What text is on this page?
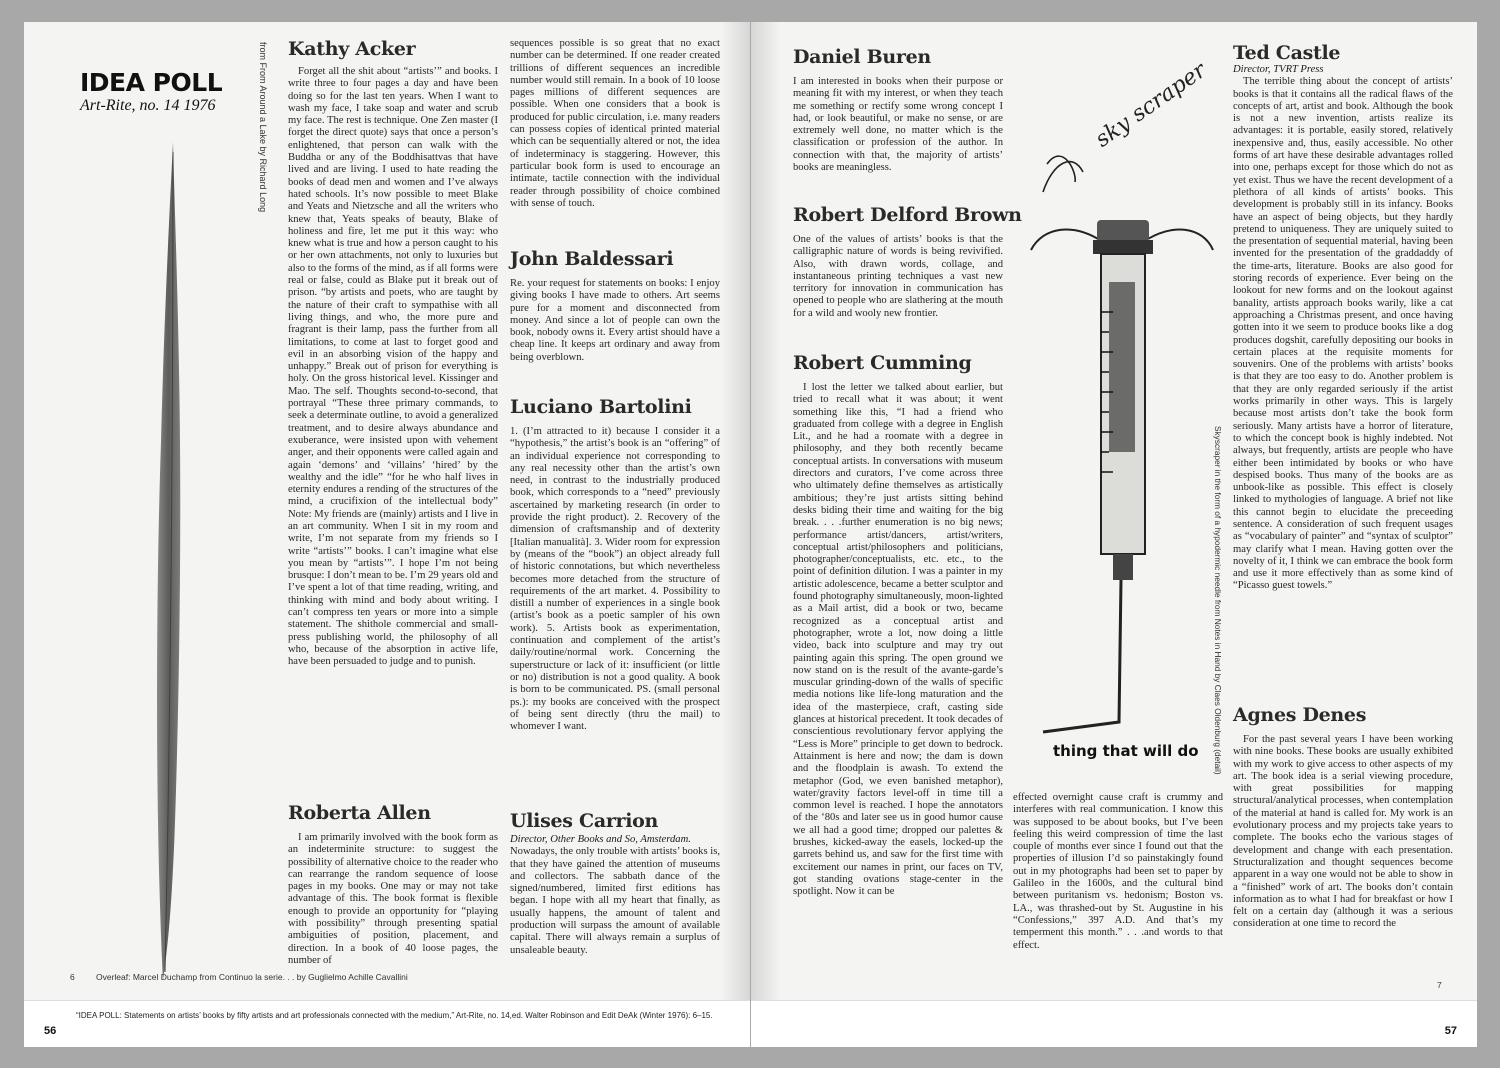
IDEA POLL
Art-Rite, no. 14 1976	from From Around a Lake by Richard Long Kathy Acker

Forget all the shit about “artists’” and books. I write three to four pages a day and have been doing so for the last ten years. When I want to wash my face, I take soap and water and scrub my face. The rest is technique. One Zen master (I forget the direct quote) says that once a person’s enlightened, that person can walk with the Buddha or any of the Boddhisattvas that have lived and are living. I used to hate reading the books of dead men and women and I’ve always hated schools. It’s now possible to meet Blake and Yeats and Nietzsche and all the writers who knew that, Yeats speaks of beauty, Blake of holiness and fire, let me put it this way: who knew what is true and how a person caught to his or her own attachments, not only to luxuries but also to the forms of the mind, as if all forms were real or false, could as Blake put it break out of prison. “by artists and poets, who are taught by the nature of their craft to sympathise with all living things, and who, the more pure and fragrant is their lamp, pass the further from all limitations, to come at last to forget good and evil in an absorbing vision of the happy and unhappy.” Break out of prison for everything is holy. On the gross historical level. Kissinger and Mao. The self. Thoughts second-to-second, that portrayal “These three primary commands, to seek a determinate outline, to avoid a generalized treatment, and to desire always abundance and exuberance, were insisted upon with vehement anger, and their opponents were called again and again ‘demons’ and ‘villains’ ‘hired’ by the wealthy and the idle” “for he who half lives in eternity endures a rending of the structures of the mind, a crucifixion of the intellectual body” Note: My friends are (mainly) artists and I live in an art community. When I sit in my room and write, I’m not separate from my friends so I write “artists’” books. I can’t imagine what else you mean by “artists’”. I hope I’m not being brusque: I don’t mean to be. I’m 29 years old and I’ve spent a lot of that time reading, writing, and thinking with mind and body about writing. I can’t compress ten years or more into a simple statement. The shithole commercial and small-press publishing world, the philosophy of all who, because of the absorption in active life, have been persuaded to judge and to punish.

Roberta Allen

I am primarily involved with the book form as an indeterminite structure: to suggest the possibility of alternative choice to the reader who can rearrange the random sequence of loose pages in my books. One may or may not take advantage of this. The book format is flexible enough to provide an opportunity for “playing with possibility” through presenting spatial ambiguities of position, placement, and direction. In a book of 40 loose pages, the number of

sequences possible is so great that no exact number can be determined. If one reader created trillions of different sequences an incredible number would still remain. In a book of 10 loose pages millions of different sequences are possible. When one considers that a book is produced for public circulation, i.e. many readers can possess copies of identical printed material which can be sequentially altered or not, the idea of indeterminacy is staggering. However, this particular book form is used to encourage an intimate, tactile connection with the individual reader through possibility of choice combined with sense of touch.

John Baldessari

Re. your request for statements on books: I enjoy giving books I have made to others. Art seems pure for a moment and disconnected from money. And since a lot of people can own the book, nobody owns it. Every artist should have a cheap line. It keeps art ordinary and away from being overblown.

Luciano Bartolini

1. (I’m attracted to it) because I consider it a “hypothesis,” the artist’s book is an “offering” of an individual experience not corresponding to any real necessity other than the artist’s own need, in contrast to the industrially produced book, which corresponds to a “need” previously ascertained by marketing research (in order to provide the right product). 2. Recovery of the dimension of craftsmanship and of dexterity [Italian manualità]. 3. Wider room for expression by (means of the “book”) an object already full of historic connotations, but which nevertheless becomes more detached from the structure of requirements of the art market. 4. Possibility to distill a number of experiences in a single book (artist’s book as a poetic sampler of his own work). 5. Artists book as experimentation, continuation and complement of the artist’s daily/routine/normal work. Concerning the superstructure or lack of it: insufficient (or little or no) distribution is not a good quality. A book is born to be communicated. PS. (small personal ps.): my books are conceived with the prospect of being sent directly (thru the mail) to whomever I want.

Ulises Carrion
Director, Other Books and So, Amsterdam.

Nowadays, the only trouble with artists’ books is, that they have gained the attention of museums and collectors. The sabbath dance of the signed/numbered, limited first editions has began. I hope with all my heart that finally, as usually happens, the amount of talent and production will surpass the amount of available capital. There will always remain a surplus of unsaleable beauty.

6	Overleaf: Marcel Duchamp from Continuo la serie. . . by Guglielmo Achille Cavallini
“IDEA POLL: Statements on artists’ books by fifty artists and art professionals connected with the medium,” Art-Rite, no. 14,ed. Walter Robinson and Edit DeAk (Winter 1976): 6–15.
56
Daniel Buren

I am interested in books when their purpose or meaning fit with my interest, or when they teach me something or rectify some wrong concept I had, or look beautiful, or make no sense, or are extremely well done, no matter which is the classification or profession of the author. In connection with that, the majority of artists’ books are meaningless.

Robert Delford Brown

One of the values of artists’ books is that the calligraphic nature of words is being revivified. Also, with drawn words, collage, and instantaneous printing techniques a vast new territory for innovation in communication has opened to people who are slathering at the mouth for a wild and wooly new frontier.

Robert Cumming

I lost the letter we talked about earlier, but tried to recall what it was about; it went something like this, “I had a friend who graduated from college with a degree in English Lit., and he had a roomate with a degree in philosophy, and they both recently became conceptual artists. In conversations with museum directors and curators, I’ve come across three who ultimately define themselves as artistically ambitious; they’re just artists sitting behind desks biding their time and waiting for the big break. . . .further enumeration is no big news; performance artist/dancers, artist/writers, conceptual artist/philosophers and politicians, photographer/conceptualists, etc. etc., to the point of definition dilution. I was a painter in my artistic adolescence, became a better sculptor and found photography simultaneously, moon-lighted as a Mail artist, did a book or two, became recognized as a conceptual artist and photographer, wrote a lot, now doing a little video, back into sculpture and may try out painting again this spring. The open ground we now stand on is the result of the avante-garde’s muscular grinding-down of the walls of specific media notions like life-long maturation and the idea of the masterpiece, craft, casting side glances at historical precedent. It took decades of conscientious revolutionary fervor applying the “Less is More” principle to get down to bedrock. Attainment is here and now; the dam is down and the floodplain is awash. To extend the metaphor (God, we even banished metaphor), water/gravity factors level-off in time till a common level is reached. I hope the annotators of the ‘80s and later see us in good humor cause we all had a good time; dropped our palettes & brushes, kicked-away the easels, locked-up the garrets behind us, and saw for the first time with excitement our names in print, our faces on TV, got standing ovations stage-center in the spotlight. Now it can be

effected overnight cause craft is crummy and interferes with real communication. I know this was supposed to be about books, but I’ve been feeling this weird compression of time the last couple of months ever since I found out that the properties of illusion I’d so painstakingly found out in my photographs had been set to paper by Galileo in the 1600s, and the cultural bind between puritanism vs. hedonism; Boston vs. LA., was thrashed-out by St. Augustine in his “Confessions,” 397 A.D. And that’s my temperment this month.” . . .and words to that effect.

sky scraper
thing that will do Skyscraper in the form of a hypodermic needle from Notes in Hand by Claes Oldenburg (detail)
Ted Castle
Director, TVRT Press

The terrible thing about the concept of artists’ books is that it contains all the radical flaws of the concepts of art, artist and book. Although the book is not a new invention, artists realize its advantages: it is portable, easily stored, relatively inexpensive and, thus, easily accessible. No other forms of art have these desirable advantages rolled into one, perhaps except for those which do not as yet exist. Thus we have the recent development of a plethora of all kinds of artists’ books. This development is probably still in its infancy. Books have an aspect of being objects, but they hardly pretend to uniqueness. They are uniquely suited to the presentation of sequential material, having been invented for the presentation of the graddaddy of the time-arts, literature. Books are also good for storing records of experience. Ever being on the lookout for new forms and on the lookout against banality, artists approach books warily, like a cat approaching a Christmas present, and once having gotten into it we seem to produce books like a dog produces dogshit, carefully depositing our books in certain places at the requisite moments for souvenirs. One of the problems with artists’ books is that they are too easy to do. Another problem is that they are only regarded seriously if the artist works primarily in other ways. This is largely because most artists don’t take the book form seriously. Many artists have a horror of literature, to which the concept book is highly indebted. Not always, but frequently, artists are people who have either been intimidated by books or who have despised books. Thus many of the books are as unbook-like as possible. This effect is closely linked to mythologies of language. A brief not like this cannot begin to elucidate the preceeding sentence. A consideration of such frequent usages as “vocabulary of painter” and “syntax of sculptor” may clarify what I mean. Having gotten over the novelty of it, I think we can embrace the book form and use it more effectively than as some kind of “Picasso guest towels.”

Agnes Denes

For the past several years I have been working with nine books. These books are usually exhibited with my work to give access to other aspects of my art. The book idea is a serial viewing procedure, with great possibilities for mapping structural/analytical processes, when contemplation of the material at hand is called for. My work is an evolutionary process and my projects take years to complete. The books echo the various stages of development and change with each presentation. Structuralization and thought sequences become apparent in a way one would not be able to show in a “finished” work of art. The books don’t contain information as to what I had for breakfast or how I felt on a certain day (although it was a serious consideration at one time to record the

7
57
